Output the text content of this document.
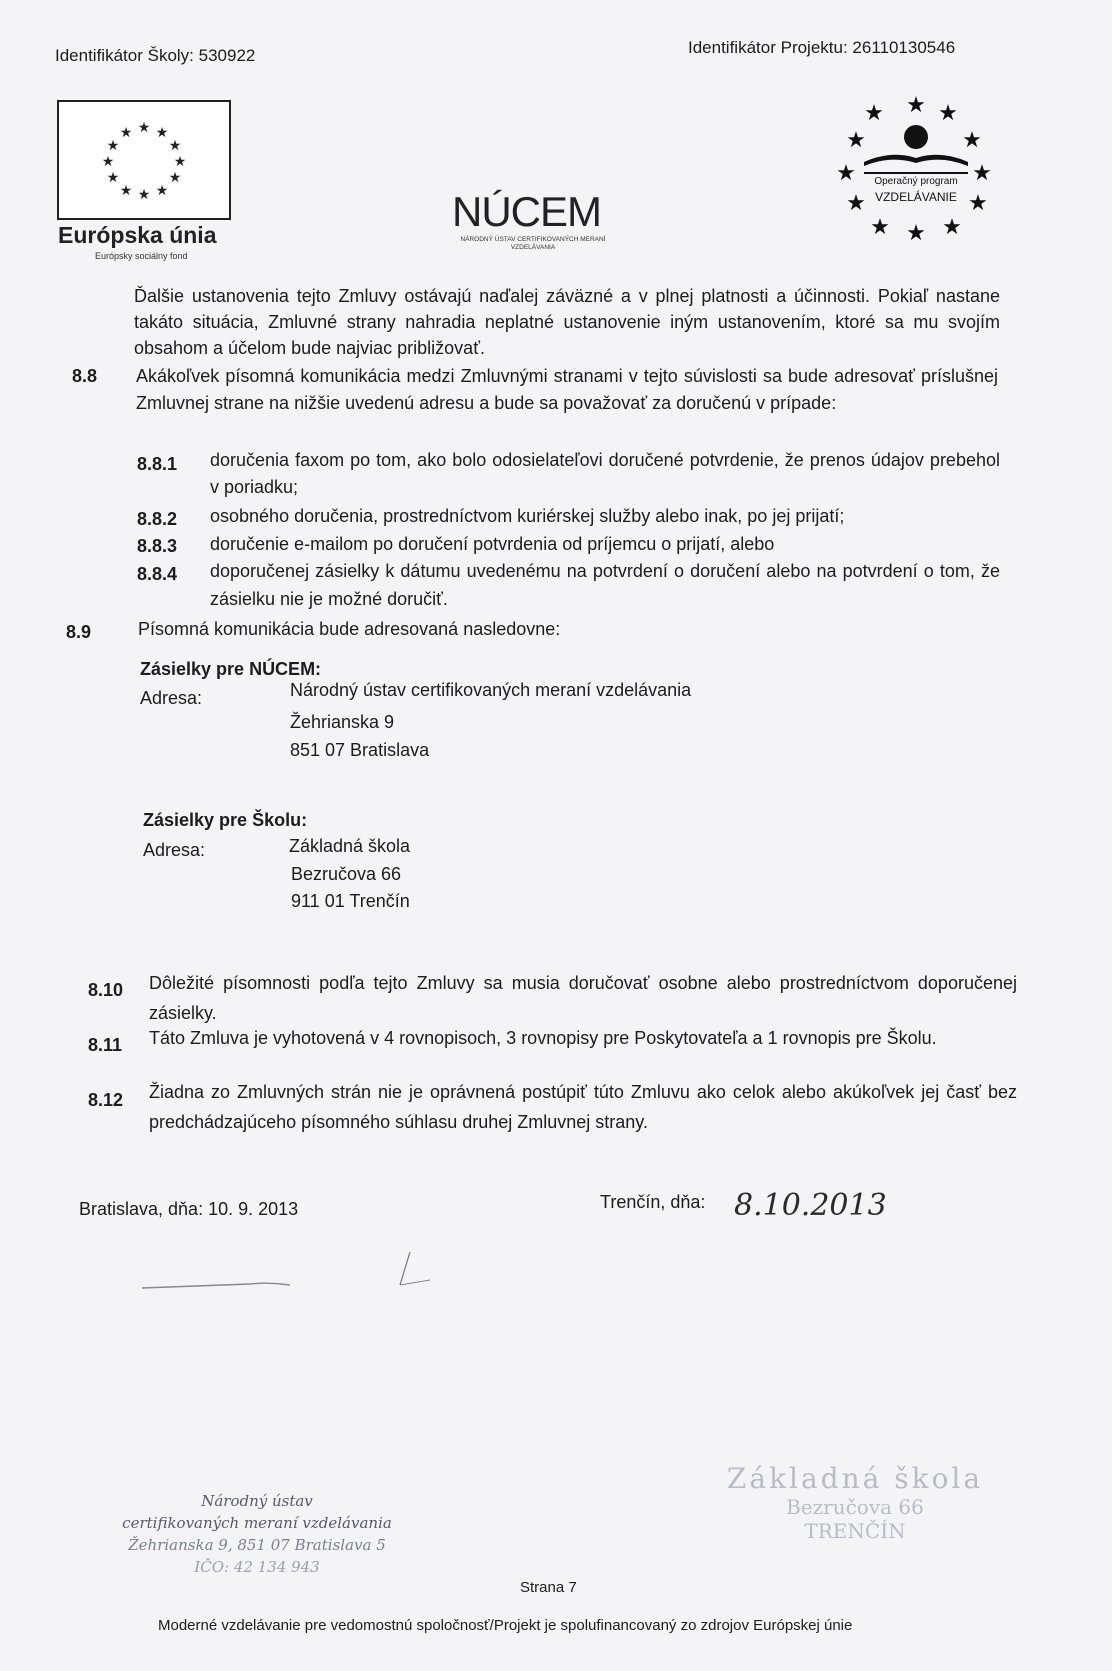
Identifikátor Školy: 530922	Identifikátor Projektu: 26110130546
★ ★
★
★
★
★
★
★
★
★
★
★
Európska únia
Európsky sociálny fond
NÚCEM
NÁRODNÝ ÚSTAV CERTIFIKOVANÝCH MERANÍ VZDELÁVANIA
★ ★ ★
★	★
★	★
★	★
★ ★ ★
Operačný program
VZDELÁVANIE
Ďalšie ustanovenia tejto Zmluvy ostávajú naďalej záväzné a v plnej platnosti a účinnosti. Pokiaľ nastane takáto situácia, Zmluvné strany nahradia neplatné ustanovenie iným ustanovením, ktoré sa mu svojím obsahom a účelom bude najviac približovať.
8.8 Akákoľvek písomná komunikácia medzi Zmluvnými stranami v tejto súvislosti sa bude adresovať príslušnej Zmluvnej strane na nižšie uvedenú adresu a bude sa považovať za doručenú v prípade:
8.8.1 doručenia faxom po tom, ako bolo odosielateľovi doručené potvrdenie, že prenos údajov prebehol v poriadku;
8.8.2 osobného doručenia, prostredníctvom kuriérskej služby alebo inak, po jej prijatí;
8.8.3 doručenie e-mailom po doručení potvrdenia od príjemcu o prijatí, alebo
8.8.4 doporučenej zásielky k dátumu uvedenému na potvrdení o doručení alebo na potvrdení o tom, že zásielku nie je možné doručiť.
8.9	Písomná komunikácia bude adresovaná nasledovne:
Zásielky pre NÚCEM:
Adresa:	Národný ústav certifikovaných meraní vzdelávania
Žehrianska 9
851 07 Bratislava
Zásielky pre Školu:
Adresa:	Základná škola
Bezručova 66
911 01 Trenčín
8.10 Dôležité písomnosti podľa tejto Zmluvy sa musia doručovať osobne alebo prostredníctvom doporučenej zásielky.
8.11 Táto Zmluva je vyhotovená v 4 rovnopisoch, 3 rovnopisy pre Poskytovateľa a 1 rovnopis pre Školu.
8.12 Žiadna zo Zmluvných strán nie je oprávnená postúpiť túto Zmluvu ako celok alebo akúkoľvek jej časť bez predchádzajúceho písomného súhlasu druhej Zmluvnej strany.
Bratislava, dňa: 10. 9. 2013	Trenčín, dňa: 8.10.2013
Národný ústav
certifikovaných meraní vzdelávania
Žehrianska 9, 851 07 Bratislava 5
IČO: 42 134 943
Základná škola
Bezručova 66
TRENČÍN
Strana 7
Moderné vzdelávanie pre vedomostnú spoločnosť/Projekt je spolufinancovaný zo zdrojov Európskej únie
